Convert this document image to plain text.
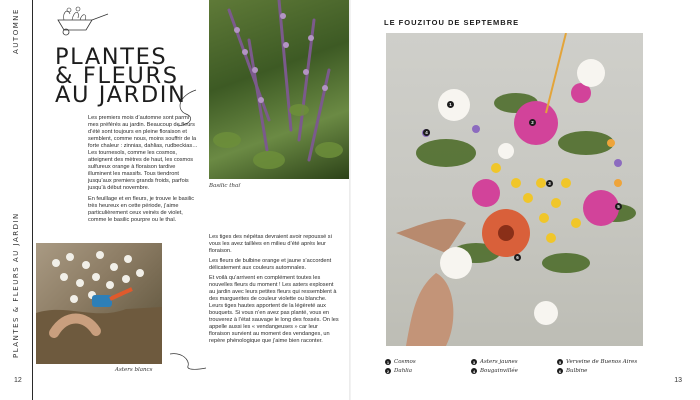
AUTOMNE
PLANTES & FLEURS AU JARDIN
12
PLANTES
& FLEURS
AU JARDIN

Les premiers mois d’automne sont parmi mes préférés au jardin. Beaucoup de fleurs d’été sont toujours en pleine floraison et semblent, comme nous, moins souffrir de la forte chaleur : zinnias, dahlias, rudbeckias… Les tournesols, comme les cosmos, atteignent des mètres de haut, les cosmos sulfureux orange à floraison tardive illuminent les massifs. Tous tiendront jusqu’aux premiers grands froids, parfois jusqu’à début novembre.

En feuillage et en fleurs, je trouve le basilic très heureux en cette période, j’aime particulièrement ceux veinés de violet, comme le basilic pourpre ou le thaï.

Basilic thaï
Asters blancs

Les tiges des népétas devraient avoir repoussé si vous les avez taillées en milieu d’été après leur floraison.

Les fleurs de bulbine orange et jaune s’accordent délicatement aux couleurs automnales.

Et voilà qu’arrivent en complément toutes les nouvelles fleurs du moment ! Les asters explosent au jardin avec leurs petites fleurs qui ressemblent à des marguerites de couleur violette ou blanche. Leurs tiges hautes apportent de la légèreté aux bouquets. Si vous n’en avez pas planté, vous en trouverez à l’état sauvage le long des fossés. On les appelle aussi les « vendangeuses » car leur floraison survient au moment des vendanges, un repère phénologique que j’aime bien raconter.

LE FOUZITOU DE SEPTEMBRE
1
2
3
4
5
6
1 Cosmos	3 Asters jaunes	5 Verveine de Buenos Aires
2 Dahlia	4 Bougainvillée	6 Bulbine
13
